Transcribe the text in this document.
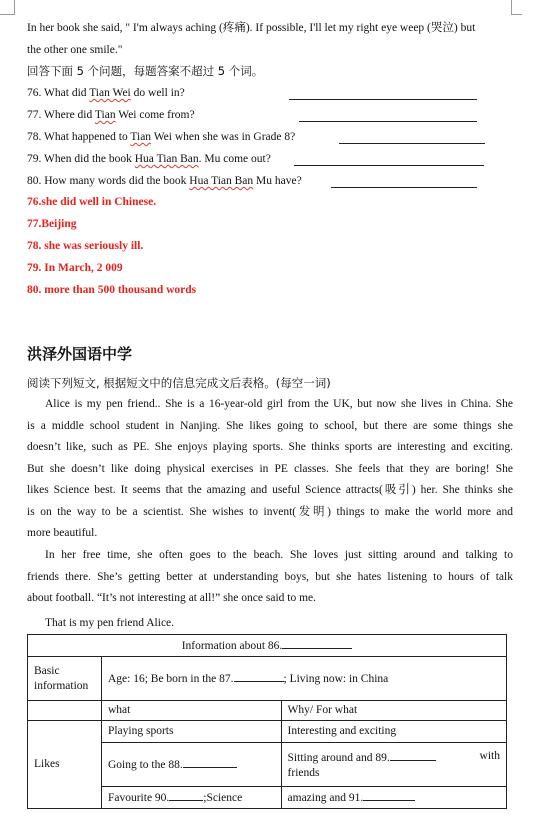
In her book she said, " I'm always aching (疼痛). If possible, I'll let my right eye weep (哭泣) but
the other one smile."
回答下面 5 个问题，每题答案不超过 5 个词。
76. What did Tian Wei do well in?
77. Where did Tian Wei come from?
78. What happened to Tian Wei when she was in Grade 8?
79. When did the book Hua Tian Ban. Mu come out?
80. How many words did the book Hua Tian Ban Mu have?
76.she did well in Chinese.
77.Beijing
78. she was seriously ill.
79. In March, 2 009
80. more than 500 thousand words
洪泽外国语中学
阅读下列短文, 根据短文中的信息完成文后表格。(每空一词)
Alice is my pen friend.. She is a 16-year-old girl from the UK, but now she lives in China. She
is a middle school student in Nanjing. She likes going to school, but there are some things she
doesn’t like, such as PE. She enjoys playing sports. She thinks sports are interesting and exciting.
But she doesn’t like doing physical exercises in PE classes. She feels that they are boring! She
likes Science best. It seems that the amazing and useful Science attracts(吸引) her. She thinks she
is on the way to be a scientist. She wishes to invent(发明) things to make the world more and
more beautiful.
In her free time, she often goes to the beach. She loves just sitting around and talking to
friends there. She’s getting better at understanding boys, but she hates listening to hours of talk
about football. “It’s not interesting at all!” she once said to me.
That is my pen friend Alice.
Information about 86.		
Basic information	Age: 16; Be born in the 87. ; Living now: in China	
	what	Why/ For what
Likes	Playing sports	Interesting and exciting
	Going to the 88.	Sitting around and 89. with
friends

	Favourite 90. ;Science	amazing and 91.
